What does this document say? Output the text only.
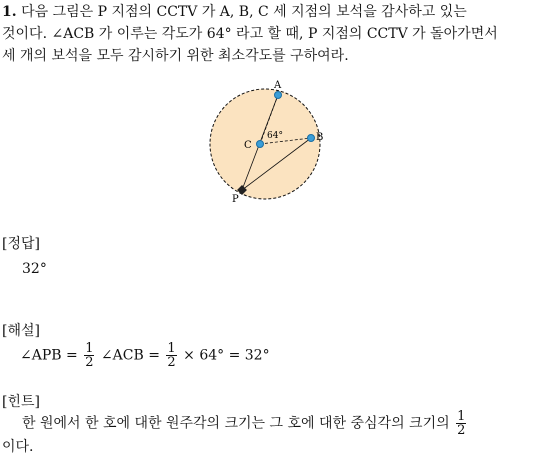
1. 다음 그림은 P 지점의 CCTV 가 A, B, C 세 지점의 보석을 감사하고 있는
것이다. ∠ACB 가 이루는 각도가 64° 라고 할 때, P 지점의 CCTV 가 돌아가면서
세 개의 보석을 모두 감시하기 위한 최소각도를 구하여라.
A
B
C
P
64°
[정답]
32°
[해설]
∠APB = $\frac{1}{2}$ ∠ACB = $\frac{1}{2} \times 64^\circ = 32^\circ$
[힌트]
한 원에서 한 호에 대한 원주각의 크기는 그 호에 대한 중심각의 크기의 $\frac{1}{2}$
이다.
